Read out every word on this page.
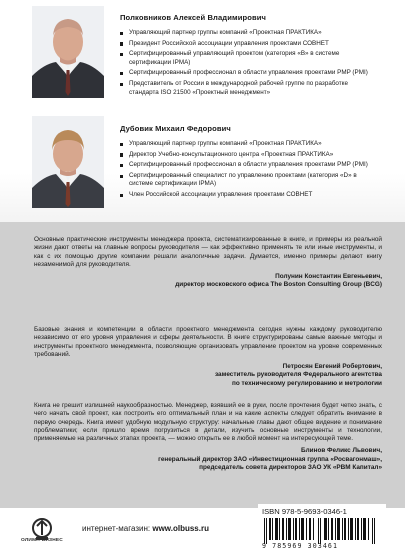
Полковников Алексей Владимирович
Управляющий партнер группы компаний «Проектная ПРАКТИКА»
Президент Российской ассоциации управления проектами СОВНЕТ
Сертифицированный управляющий проектом (категория «В» в системе сертификации IPMA)
Сертифицированный профессионал в области управления проектами PMP (PMI)
Представитель от России в международной рабочей группе по разработке стандарта ISO 21500 «Проектный менеджмент»
Дубовик Михаил Федорович
Управляющий партнер группы компаний «Проектная ПРАКТИКА»
Директор Учебно-консультационного центра «Проектная ПРАКТИКА»
Сертифицированный профессионал в области управления проектами PMP (PMI)
Сертифицированный специалист по управлению проектами (категория «D» в системе сертификации IPMA)
Член Российской ассоциации управления проектами СОВНЕТ

Основные практические инструменты менеджера проекта, систематизированные в книге, и примеры из реальной жизни дают ответы на главные вопросы руководителя — как эффективно применять те или иные инструменты, и как с их помощью другие компании решали аналогичные задачи. Думается, именно примеры делают книгу незаменимой для руководителя.

Полунин Константин Евгеньевич,
директор московского офиса The Boston Consulting Group (BCG)

Базовые знания и компетенции в области проектного менеджмента сегодня нужны каждому руководителю независимо от его уровня управления и сферы деятельности. В книге структурированы самые важные методы и инструменты проектного менеджмента, позволяющие организовать управление проектом на уровне современных требований.

Петросян Евгений Робертович,
заместитель руководителя Федерального агентства
по техническому регулированию и метрологии

Книга не грешит излишней наукообразностью. Менеджер, взявший ее в руки, после прочтения будет четко знать, с чего начать свой проект, как построить его оптимальный план и на какие аспекты следует обратить внимание в первую очередь. Книга имеет удобную модульную структуру: начальные главы дают общее видение и понимание проблематики; если пришло время погрузиться в детали, изучить основные инструменты и технологии, применяемые на различных этапах проекта, — можно открыть ее в любой момент на интересующей теме.

Блинов Феликс Львович,
генеральный директор ЗАО «Инвестиционная группа «Росвагонмаш»,
председатель совета директоров ЗАО УК «РВМ Капитал»

ОЛИМП-БИЗНЕС
интернет-магазин: www.olbuss.ru
ISBN 978-5-9693-0346-1
9 785969 303461
